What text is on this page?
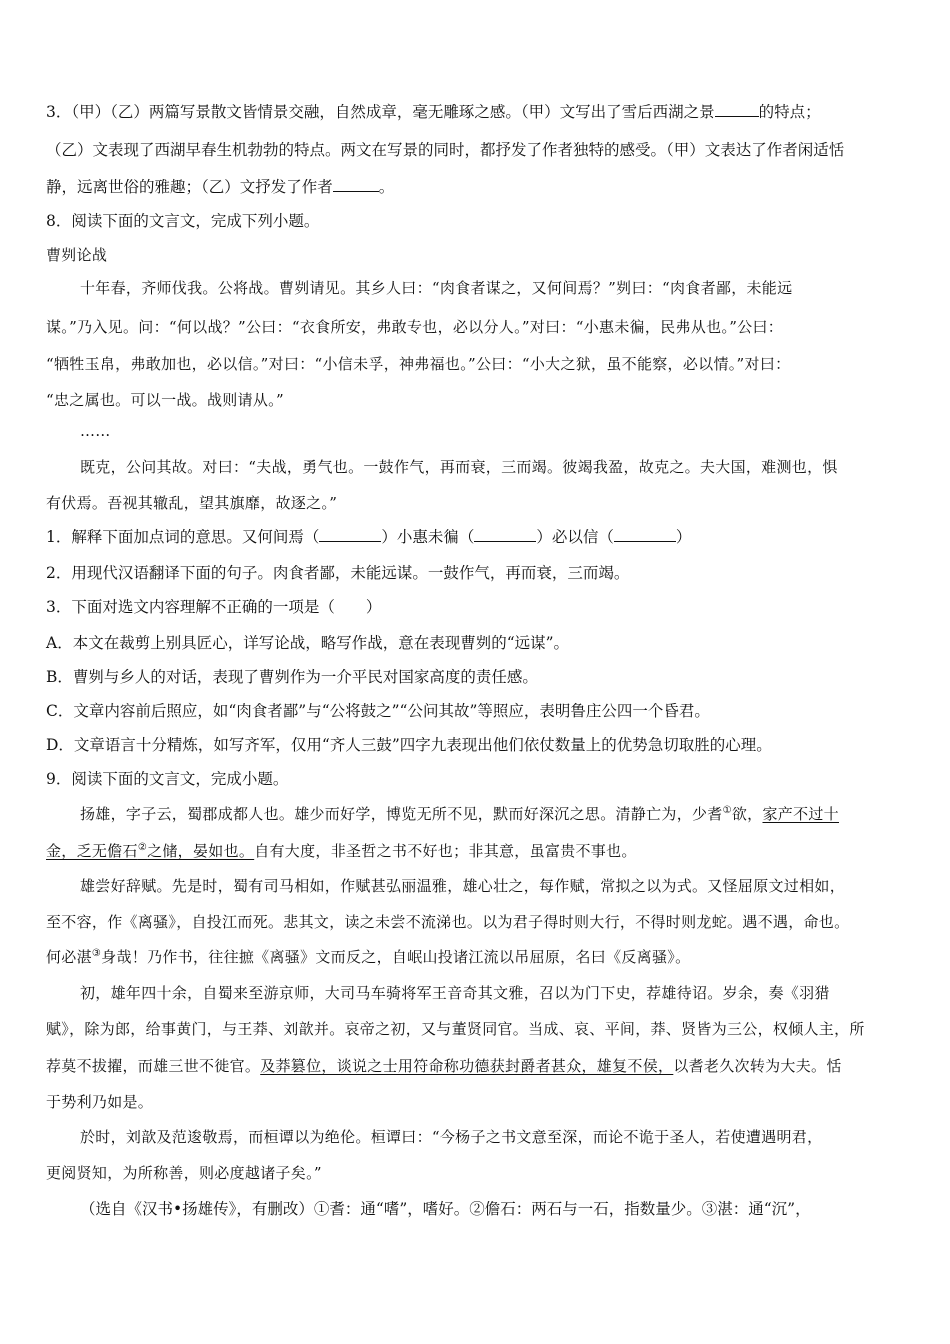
3．（甲）（乙）两篇写景散文皆情景交融，自然成章，毫无雕琢之感。（甲）文写出了雪后西湖之景	的特点；
（乙）文表现了西湖早春生机勃勃的特点。两文在写景的同时，都抒发了作者独特的感受。（甲）文表达了作者闲适恬
静，远离世俗的雅趣；（乙）文抒发了作者	。
8．阅读下面的文言文，完成下列小题。
曹刿论战
十年春，齐师伐我。公将战。曹刿请见。其乡人曰：“肉食者谋之，又何间焉？”刿曰：“肉食者鄙，未能远
谋。”乃入见。问：“何以战？”公曰：“衣食所安，弗敢专也，必以分人。”对曰：“小惠未徧，民弗从也。”公曰：
“牺牲玉帛，弗敢加也，必以信。”对曰：“小信未孚，神弗福也。”公曰：“小大之狱，虽不能察，必以情。”对曰：
“忠之属也。可以一战。战则请从。”
……
既克，公问其故。对曰：“夫战，勇气也。一鼓作气，再而衰，三而竭。彼竭我盈，故克之。夫大国，难测也，惧
有伏焉。吾视其辙乱，望其旗靡，故逐之。”
1．解释下面加点词的意思。又何间焉（	）小惠未徧（	）必以信（	）
2．用现代汉语翻译下面的句子。肉食者鄙，未能远谋。一鼓作气，再而衰，三而竭。
3．下面对选文内容理解不正确的一项是（　　）
A．本文在裁剪上别具匠心，详写论战，略写作战，意在表现曹刿的“远谋”。
B．曹刿与乡人的对话，表现了曹刿作为一介平民对国家高度的责任感。
C．文章内容前后照应，如“肉食者鄙”与“公将鼓之”“公问其故”等照应，表明鲁庄公四一个昏君。
D．文章语言十分精炼，如写齐军，仅用“齐人三鼓”四字九表现出他们依仗数量上的优势急切取胜的心理。
9．阅读下面的文言文，完成小题。
扬雄，字子云，蜀郡成都人也。雄少而好学，博览无所不见，默而好深沉之思。清静亡为，少耆①欲，家产不过十
金，乏无儋石②之储，晏如也。自有大度，非圣哲之书不好也；非其意，虽富贵不事也。
雄尝好辞赋。先是时，蜀有司马相如，作赋甚弘丽温雅，雄心壮之，每作赋，常拟之以为式。又怪屈原文过相如，
至不容，作《离骚》，自投江而死。悲其文，读之未尝不流涕也。以为君子得时则大行，不得时则龙蛇。遇不遇，命也。
何必湛③身哉！乃作书，往往摭《离骚》文而反之，自岷山投诸江流以吊屈原，名曰《反离骚》。
初，雄年四十余，自蜀来至游京师，大司马车骑将军王音奇其文雅，召以为门下史，荐雄待诏。岁余，奏《羽猎
赋》，除为郎，给事黄门，与王莽、刘歆并。哀帝之初，又与董贤同官。当成、哀、平间，莽、贤皆为三公，权倾人主，所
荐莫不拔擢，而雄三世不徙官。及莽篡位，谈说之士用符命称功德获封爵者甚众，雄复不侯，以耆老久次转为大夫。恬
于势利乃如是。
於时，刘歆及范逡敬焉，而桓谭以为绝伦。桓谭曰：“今杨子之书文意至深，而论不诡于圣人，若使遭遇明君，
更阅贤知，为所称善，则必度越诸子矣。”
（选自《汉书•扬雄传》，有删改）①耆：通“嗜”，嗜好。②儋石：两石与一石，指数量少。③湛：通“沉”，
